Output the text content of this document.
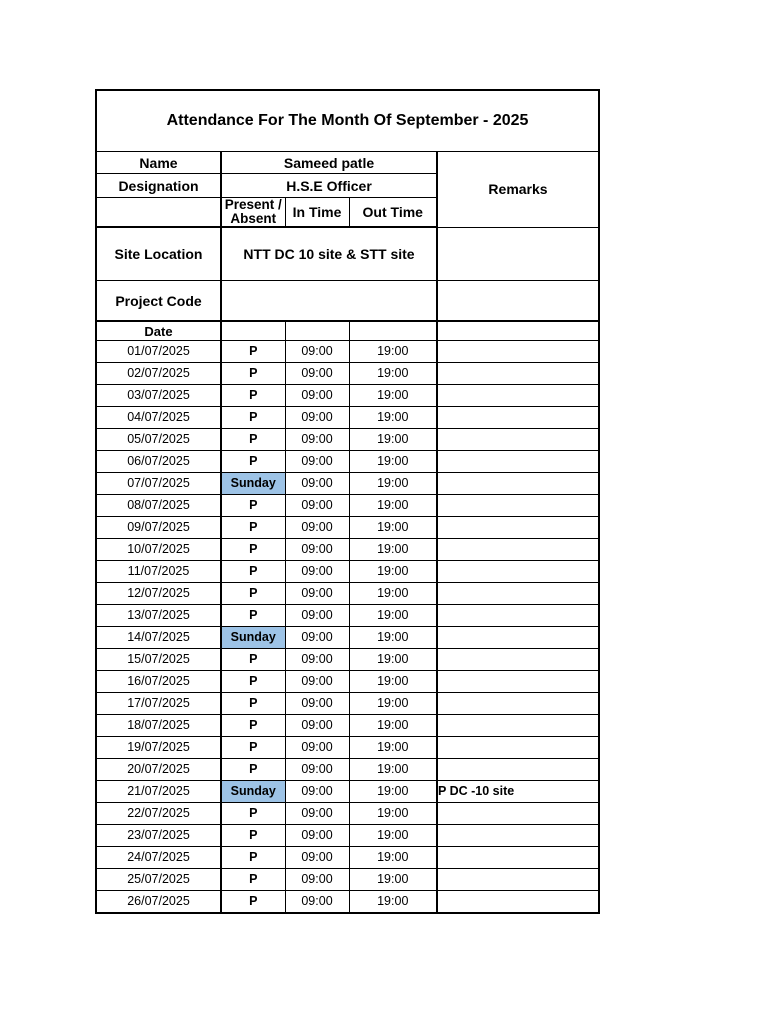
Attendance For The Month Of September - 2025				
Name	Sameed patle			Remarks
Designation	H.S.E Officer			
	Present / Absent	In Time	Out Time	
Site Location	NTT DC 10 site & STT site			
Project Code				
Date				
01/07/2025	P	09:00	19:00	
02/07/2025	P	09:00	19:00	
03/07/2025	P	09:00	19:00	
04/07/2025	P	09:00	19:00	
05/07/2025	P	09:00	19:00	
06/07/2025	P	09:00	19:00	
07/07/2025	Sunday	09:00	19:00	
08/07/2025	P	09:00	19:00	
09/07/2025	P	09:00	19:00	
10/07/2025	P	09:00	19:00	
11/07/2025	P	09:00	19:00	
12/07/2025	P	09:00	19:00	
13/07/2025	P	09:00	19:00	
14/07/2025	Sunday	09:00	19:00	
15/07/2025	P	09:00	19:00	
16/07/2025	P	09:00	19:00	
17/07/2025	P	09:00	19:00	
18/07/2025	P	09:00	19:00	
19/07/2025	P	09:00	19:00	
20/07/2025	P	09:00	19:00	
21/07/2025	Sunday	09:00	19:00	P DC -10 site
22/07/2025	P	09:00	19:00	
23/07/2025	P	09:00	19:00	
24/07/2025	P	09:00	19:00	
25/07/2025	P	09:00	19:00	
26/07/2025	P	09:00	19:00	
